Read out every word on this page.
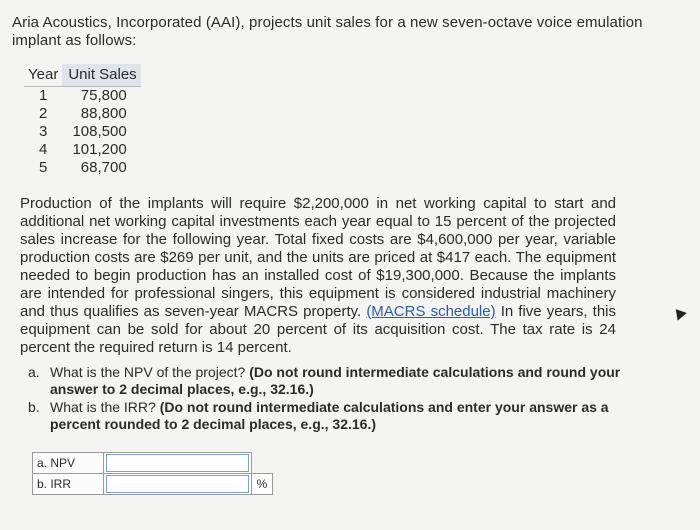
Aria Acoustics, Incorporated (AAI), projects unit sales for a new seven-octave voice emulation implant as follows:
Year	Unit Sales
1	75,800
2	88,800
3	108,500
4	101,200
5	68,700
Production of the implants will require $2,200,000 in net working capital to start and additional net working capital investments each year equal to 15 percent of the projected sales increase for the following year. Total fixed costs are $4,600,000 per year, variable production costs are $269 per unit, and the units are priced at $417 each. The equipment needed to begin production has an installed cost of $19,300,000. Because the implants are intended for professional singers, this equipment is considered industrial machinery and thus qualifies as seven-year MACRS property. (MACRS schedule) In five years, this equipment can be sold for about 20 percent of its acquisition cost. The tax rate is 24 percent the required return is 14 percent.
a. What is the NPV of the project? (Do not round intermediate calculations and round your answer to 2 decimal places, e.g., 32.16.)
b. What is the IRR? (Do not round intermediate calculations and enter your answer as a percent rounded to 2 decimal places, e.g., 32.16.)
a. NPV		
b. IRR		%
